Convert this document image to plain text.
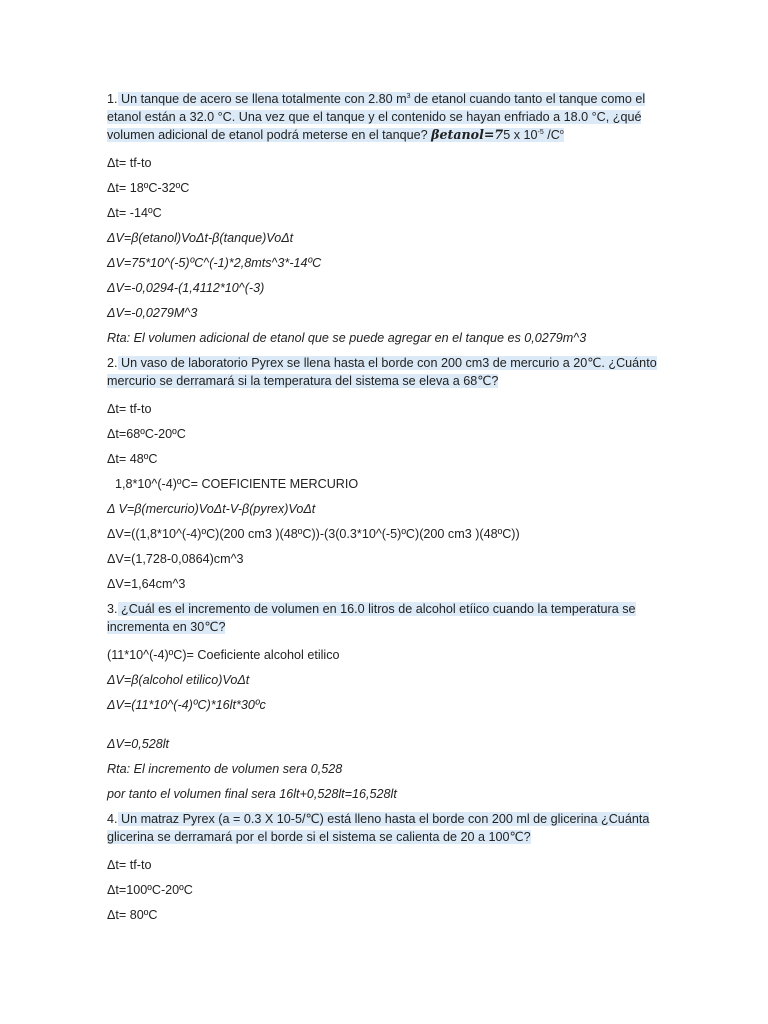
1. Un tanque de acero se llena totalmente con 2.80 $m^3$ de etanol cuando tanto el tanque como el etanol están a 32.0 °C. Una vez que el tanque y el contenido se hayan enfriado a 18.0 °C, ¿qué volumen adicional de etanol podrá meterse en el tanque? βetanol=75 x $10^{-5}$ $/C^o$
Δt= tf-to
Δt= 18ºC-32ºC
Δt= -14ºC
ΔV=β(etanol)VoΔt-β(tanque)VoΔt
ΔV=75*10^(-5)ºC^(-1)*2,8mts^3*-14ºC
ΔV=-0,0294-(1,4112*10^(-3)
ΔV=-0,0279M^3
Rta: El volumen adicional de etanol que se puede agregar en el tanque es 0,0279m^3
2. Un vaso de laboratorio Pyrex se llena hasta el borde con 200 cm3 de mercurio a 20℃. ¿Cuánto mercurio se derramará si la temperatura del sistema se eleva a 68℃?
Δt= tf-to
Δt=68ºC-20ºC
Δt= 48ºC
1,8*10^(-4)ºC= COEFICIENTE MERCURIO
Δ V=β(mercurio)VoΔt-V-β(pyrex)VoΔt
ΔV=((1,8*10^(-4)ºC)(200 cm3 )(48ºC))-(3(0.3*10^(-5)ºC)(200 cm3 )(48ºC))
ΔV=(1,728-0,0864)cm^3
ΔV=1,64cm^3
3. ¿Cuál es el incremento de volumen en 16.0 litros de alcohol etíico cuando la temperatura se incrementa en 30℃?
(11*10^(-4)ºC)= Coeficiente alcohol etilico
ΔV=β(alcohol etilico)VoΔt
ΔV=(11*10^(-4)ºC)*16lt*30ºc
ΔV=0,528lt
Rta: El incremento de volumen sera 0,528
por tanto el volumen final sera 16lt+0,528lt=16,528lt
4. Un matraz Pyrex (a = 0.3 X 10-5/℃) está lleno hasta el borde con 200 ml de glicerina ¿Cuánta glicerina se derramará por el borde si el sistema se calienta de 20 a 100℃?
Δt= tf-to
Δt=100ºC-20ºC
Δt= 80ºC
